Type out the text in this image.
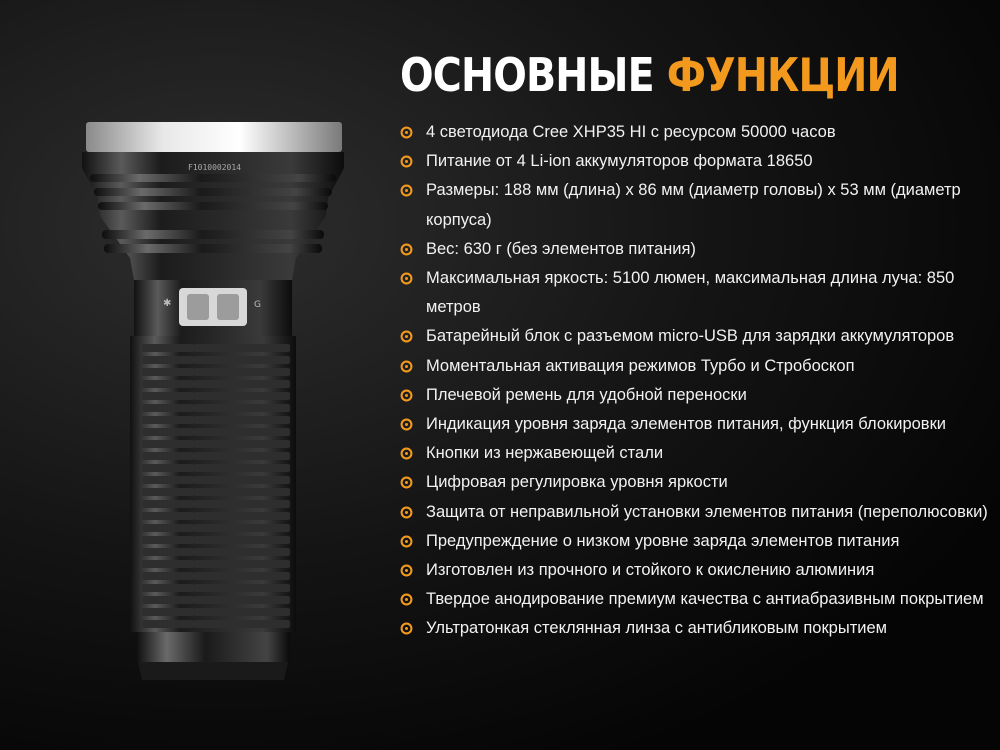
F1010002014
✱	G
ОСНОВНЫЕ ФУНКЦИИ
4 светодиода Cree XHP35 HI с ресурсом 50000 часов
Питание от 4 Li-ion аккумуляторов формата 18650
Размеры: 188 мм (длина) x 86 мм (диаметр головы) x 53 мм (диаметр корпуса)
Вес: 630 г (без элементов питания)
Максимальная яркость: 5100 люмен, максимальная длина луча: 850 метров
Батарейный блок с разъемом micro-USB для зарядки аккумуляторов
Моментальная активация режимов Турбо и Стробоскоп
Плечевой ремень для удобной переноски
Индикация уровня заряда элементов питания, функция блокировки
Кнопки из нержавеющей стали
Цифровая регулировка уровня яркости
Защита от неправильной установки элементов питания (переполюсовки)
Предупреждение о низком уровне заряда элементов питания
Изготовлен из прочного и стойкого к окислению алюминия
Твердое анодирование премиум качества с антиабразивным покрытием
Ультратонкая стеклянная линза с антибликовым покрытием
